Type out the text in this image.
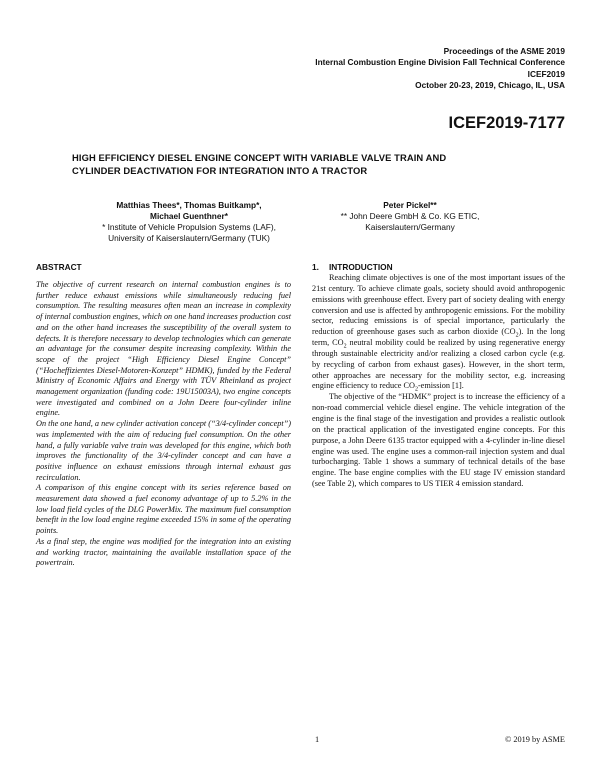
Proceedings of the ASME 2019
Internal Combustion Engine Division Fall Technical Conference
ICEF2019
October 20-23, 2019, Chicago, IL, USA
ICEF2019-7177
HIGH EFFICIENCY DIESEL ENGINE CONCEPT WITH VARIABLE VALVE TRAIN AND
CYLINDER DEACTIVATION FOR INTEGRATION INTO A TRACTOR
Matthias Thees*, Thomas Buitkamp*,
Michael Guenthner*
* Institute of Vehicle Propulsion Systems (LAF),
University of Kaiserslautern/Germany (TUK)
Peter Pickel**
** John Deere GmbH & Co. KG ETIC,
Kaiserslautern/Germany
ABSTRACT

The objective of current research on internal combustion engines is to further reduce exhaust emissions while simultaneously reducing fuel consumption. The resulting measures often mean an increase in complexity of internal combustion engines, which on one hand increases production cost and on the other hand increases the susceptibility of the overall system to defects. It is therefore necessary to develop technologies which can generate an advantage for the consumer despite increasing complexity. Within the scope of the project “High Efficiency Diesel Engine Concept” (“Hocheffizientes Diesel-Motoren-Konzept” HDMK), funded by the Federal Ministry of Economic Affairs and Energy with TÜV Rheinland as project management organization (funding code: 19U15003A), two engine concepts were investigated and combined on a John Deere four-cylinder inline engine.

On the one hand, a new cylinder activation concept (“3/4-cylinder concept”) was implemented with the aim of reducing fuel consumption. On the other hand, a fully variable valve train was developed for this engine, which both improves the functionality of the 3/4-cylinder concept and can have a positive influence on exhaust emissions through internal exhaust gas recirculation.

A comparison of this engine concept with its series reference based on measurement data showed a fuel economy advantage of up to 5.2% in the low load field cycles of the DLG PowerMix. The maximum fuel consumption benefit in the low load engine regime exceeded 15% in some of the operating points.

As a final step, the engine was modified for the integration into an existing and working tractor, maintaining the available installation space of the powertrain.

1. INTRODUCTION

Reaching climate objectives is one of the most important issues of the 21st century. To achieve climate goals, society should avoid anthropogenic emissions with greenhouse effect. Every part of society dealing with energy conversion and use is affected by anthropogenic emissions. For the mobility sector, reducing emissions is of special importance, particularly the reduction of greenhouse gases such as carbon dioxide $(CO_2)$. In the long term, $CO_2$ neutral mobility could be realized by using regenerative energy through sustainable electricity and/or realizing a closed carbon cycle (e.g. by recycling of carbon from exhaust gases). However, in the short term, other approaches are necessary for the mobility sector, e.g. increasing engine efficiency to reduce $CO_2$-emission [1].

The objective of the “HDMK” project is to increase the efficiency of a non-road commercial vehicle diesel engine. The vehicle integration of the engine is the final stage of the investigation and provides a realistic outlook on the practical application of the investigated engine concepts. For this purpose, a John Deere 6135 tractor equipped with a 4-cylinder in-line diesel engine was used. The engine uses a common-rail injection system and dual turbocharging. Table 1 shows a summary of technical details of the base engine. The base engine complies with the EU stage IV emission standard (see Table 2), which compares to US TIER 4 emission standard.

1	© 2019 by ASME
